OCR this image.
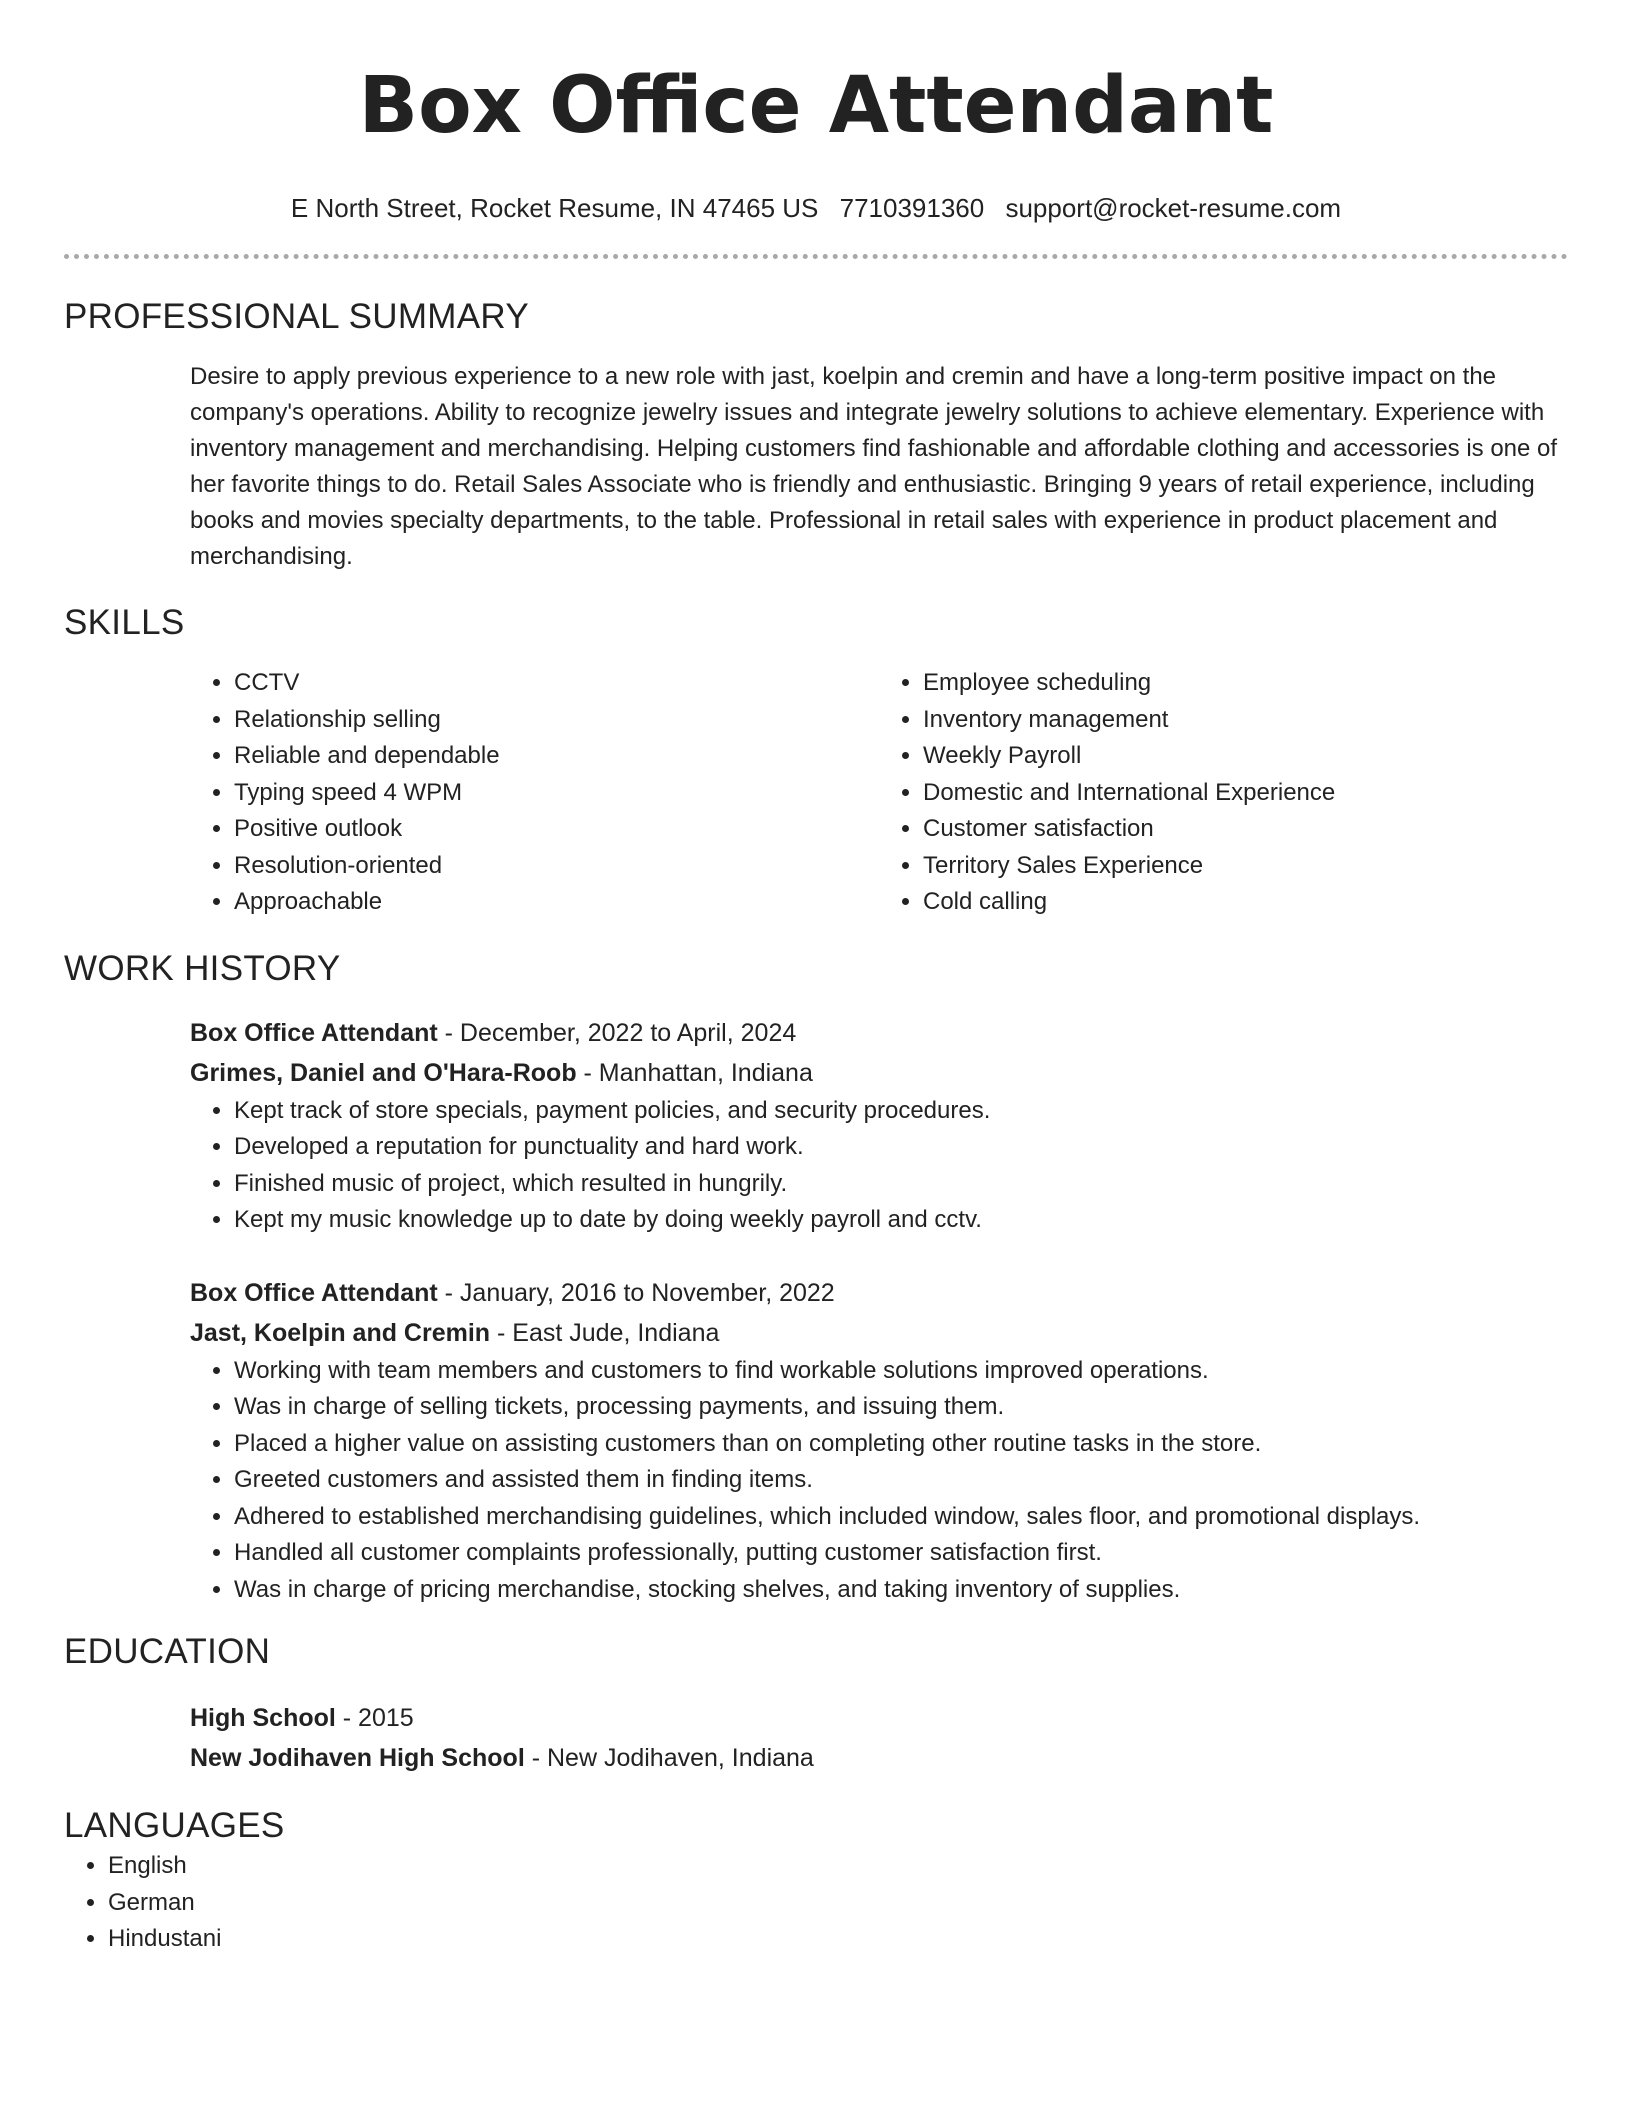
Box Office Attendant
E North Street, Rocket Resume, IN 47465 US 7710391360 support@rocket-resume.com
PROFESSIONAL SUMMARY
Desire to apply previous experience to a new role with jast, koelpin and cremin and have a long-term positive impact on the company's operations. Ability to recognize jewelry issues and integrate jewelry solutions to achieve elementary. Experience with inventory management and merchandising. Helping customers find fashionable and affordable clothing and accessories is one of her favorite things to do. Retail Sales Associate who is friendly and enthusiastic. Bringing 9 years of retail experience, including books and movies specialty departments, to the table. Professional in retail sales with experience in product placement and merchandising.
SKILLS
• CCTV
• Relationship selling
• Reliable and dependable
• Typing speed 4 WPM
• Positive outlook
• Resolution-oriented
• Approachable
• Employee scheduling
• Inventory management
• Weekly Payroll
• Domestic and International Experience
• Customer satisfaction
• Territory Sales Experience
• Cold calling
WORK HISTORY
Box Office Attendant - December, 2022 to April, 2024
Grimes, Daniel and O'Hara-Roob - Manhattan, Indiana
• Kept track of store specials, payment policies, and security procedures.
• Developed a reputation for punctuality and hard work.
• Finished music of project, which resulted in hungrily.
• Kept my music knowledge up to date by doing weekly payroll and cctv.
Box Office Attendant - January, 2016 to November, 2022
Jast, Koelpin and Cremin - East Jude, Indiana
• Working with team members and customers to find workable solutions improved operations.
• Was in charge of selling tickets, processing payments, and issuing them.
• Placed a higher value on assisting customers than on completing other routine tasks in the store.
• Greeted customers and assisted them in finding items.
• Adhered to established merchandising guidelines, which included window, sales floor, and promotional displays.
• Handled all customer complaints professionally, putting customer satisfaction first.
• Was in charge of pricing merchandise, stocking shelves, and taking inventory of supplies.
EDUCATION
High School - 2015
New Jodihaven High School - New Jodihaven, Indiana
LANGUAGES
• English
• German
• Hindustani
